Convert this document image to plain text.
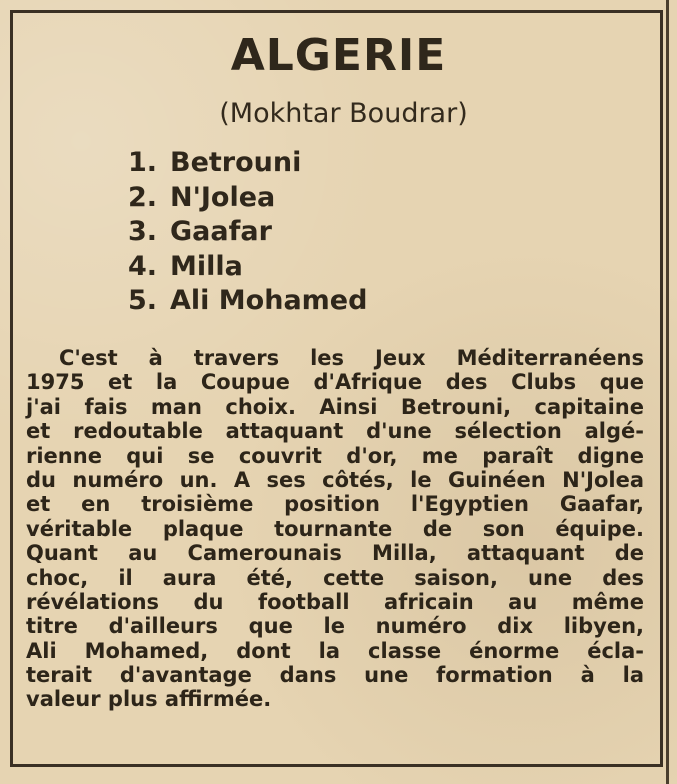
ALGERIE
(Mokhtar Boudrar)
1. Betrouni
2. N'Jolea
3. Gaafar
4. Milla
5. Ali Mohamed

C'est à travers les Jeux Méditerranéens
1975 et la Coupue d'Afrique des Clubs que
j'ai fais man choix. Ainsi Betrouni, capitaine
et redoutable attaquant d'une sélection algé-
rienne qui se couvrit d'or, me paraît digne
du numéro un. A ses côtés, le Guinéen N'Jolea
et en troisième position l'Egyptien Gaafar,
véritable plaque tournante de son équipe.
Quant au Camerounais Milla, attaquant de
choc, il aura été, cette saison, une des
révélations du football africain au même
titre d'ailleurs que le numéro dix libyen,
Ali Mohamed, dont la classe énorme écla-
terait d'avantage dans une formation à la
valeur plus affirmée.
